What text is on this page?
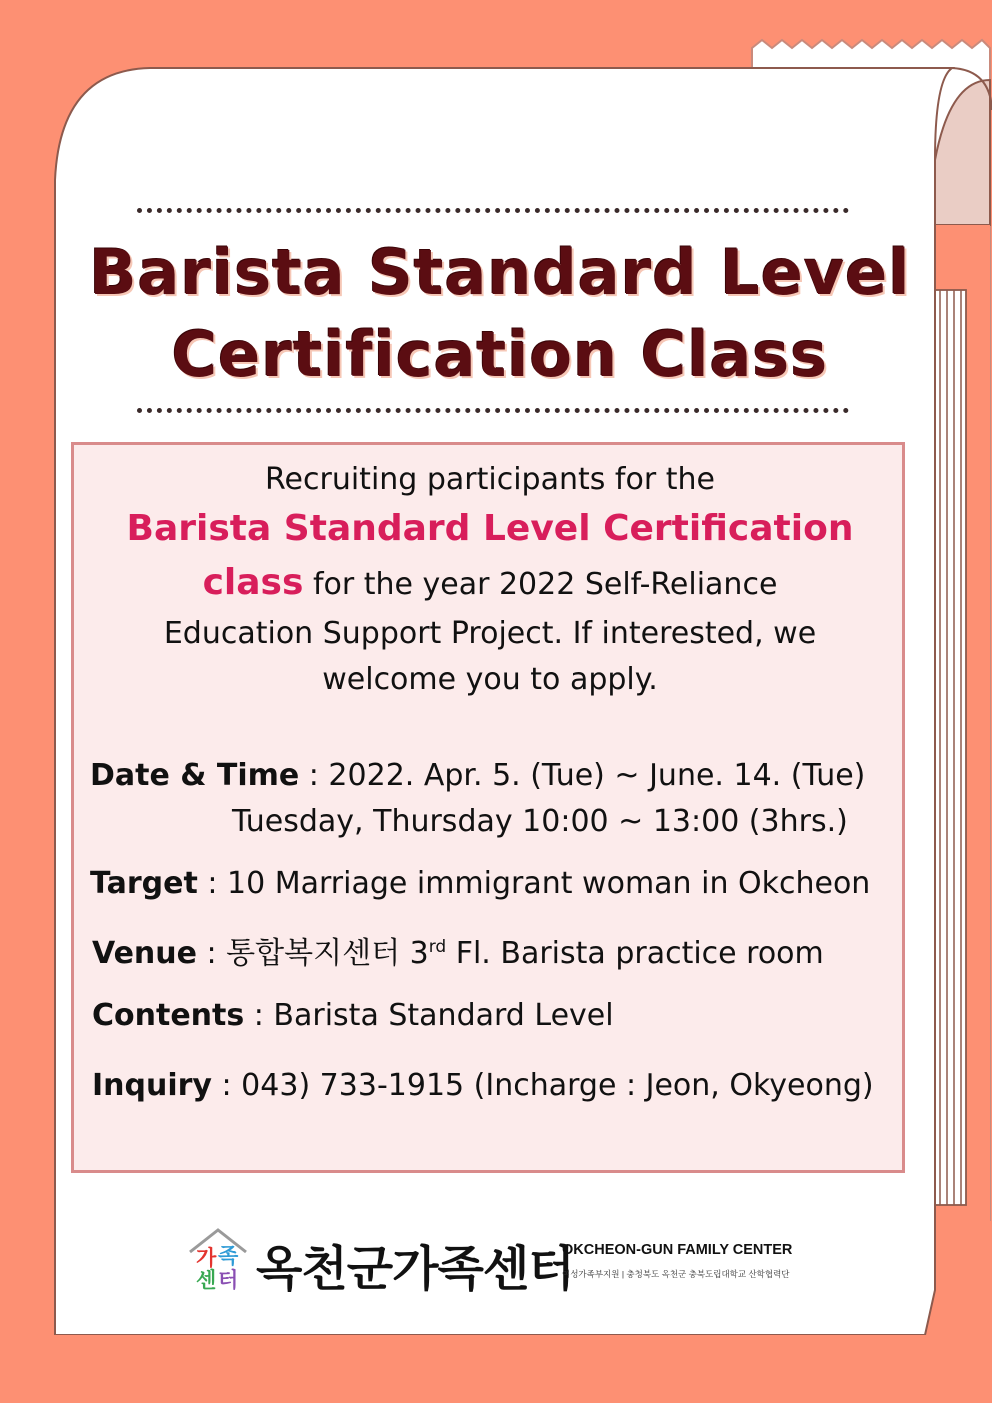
Barista Standard Level
Certification Class
Recruiting participants for the
Barista Standard Level Certification
class for the year 2022 Self-Reliance
Education Support Project. If interested, we
welcome you to apply.
Date & Time : 2022. Apr. 5. (Tue) ~ June. 14. (Tue)
Tuesday, Thursday 10:00 ~ 13:00 (3hrs.)
Target : 10 Marriage immigrant woman in Okcheon
Venue : 통합복지센터 3rd Fl. Barista practice room
Contents : Barista Standard Level
Inquiry : 043) 733-1915 (Incharge : Jeon, Okyeong)
가 족
센 터 옥천군가족센터
OKCHEON-GUN FAMILY CENTER
여성가족부지원 | 충청북도 옥천군 충북도립대학교 산학협력단
